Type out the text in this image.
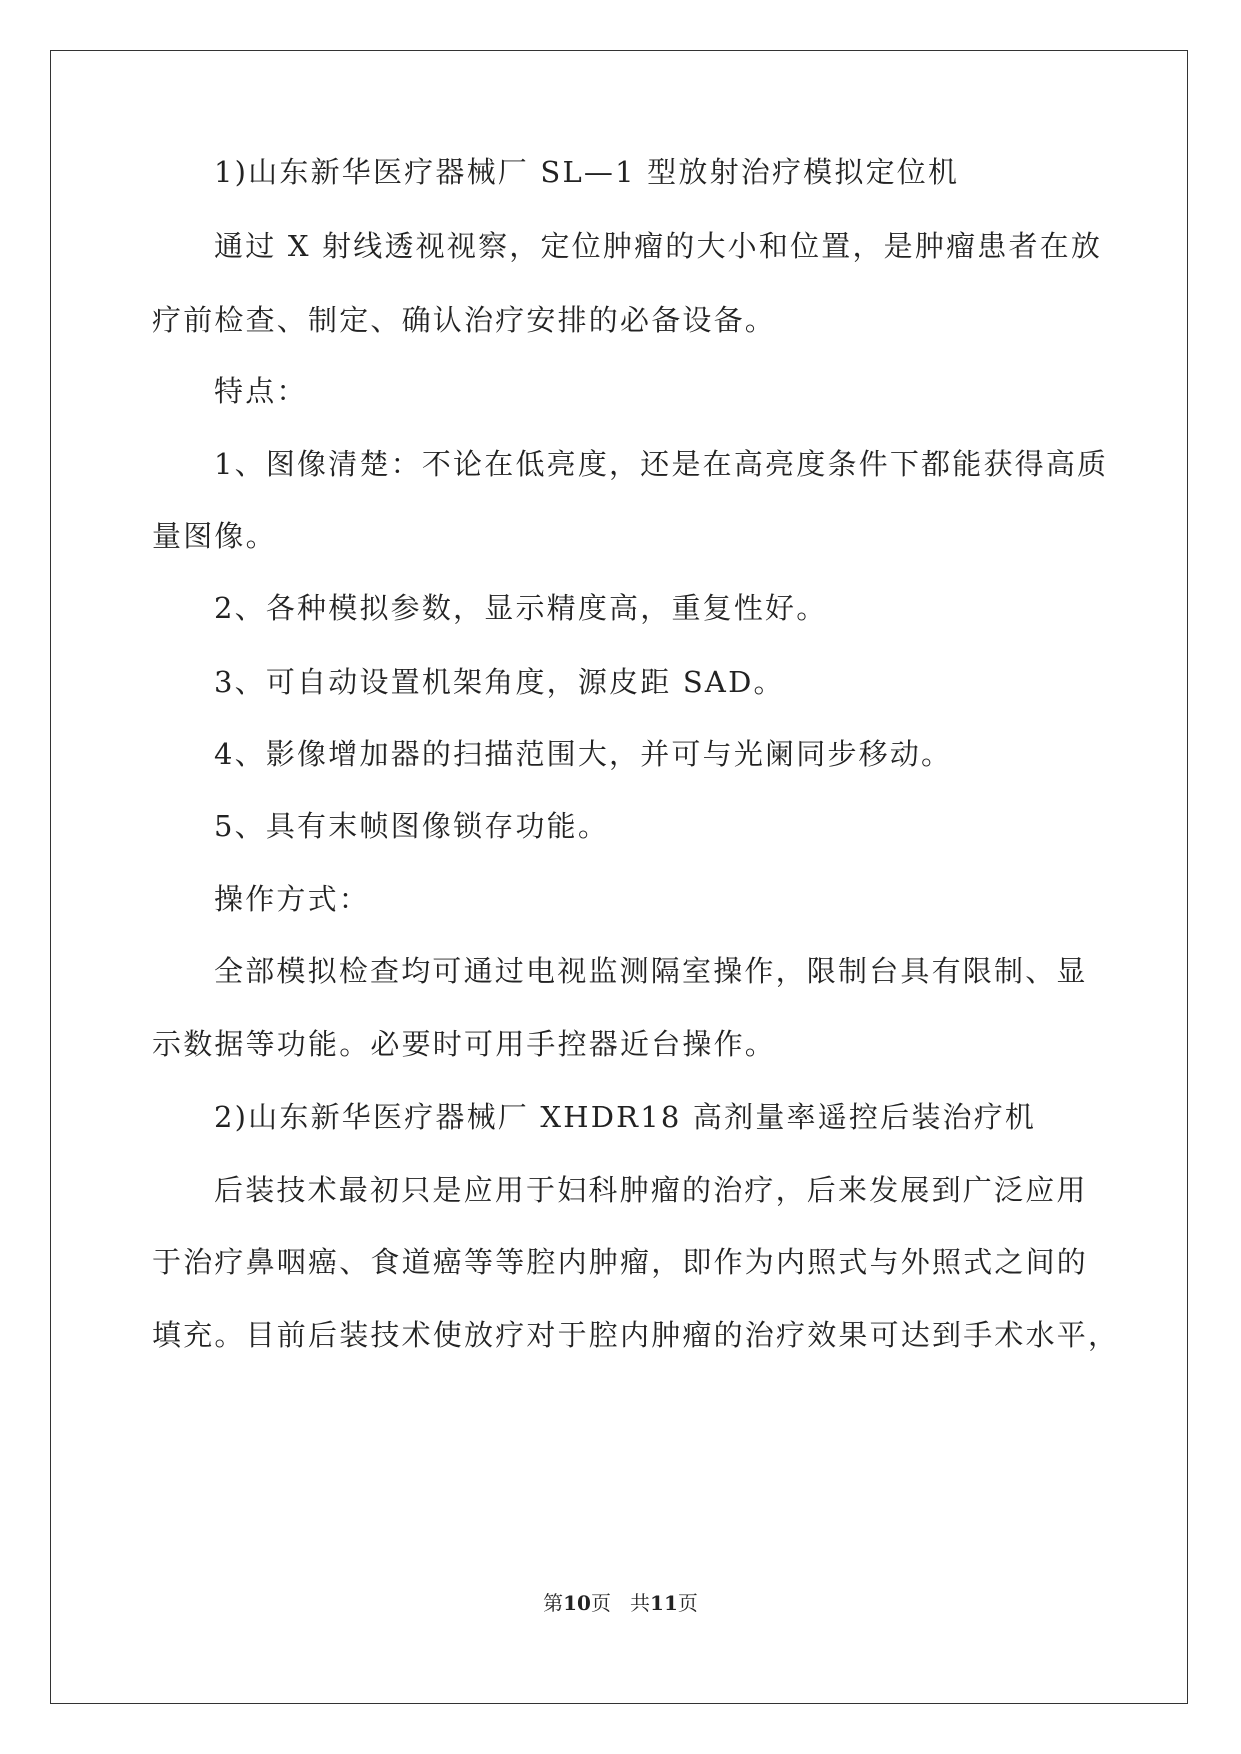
1)山东新华医疗器械厂 SL—1 型放射治疗模拟定位机
通过 X 射线透视视察，定位肿瘤的大小和位置，是肿瘤患者在放
疗前检查、制定、确认治疗安排的必备设备。
特点：
1、图像清楚：不论在低亮度，还是在高亮度条件下都能获得高质
量图像。
2、各种模拟参数，显示精度高，重复性好。
3、可自动设置机架角度，源皮距 SAD。
4、影像增加器的扫描范围大，并可与光阑同步移动。
5、具有末帧图像锁存功能。
操作方式：
全部模拟检查均可通过电视监测隔室操作，限制台具有限制、显
示数据等功能。必要时可用手控器近台操作。
2)山东新华医疗器械厂 XHDR18 高剂量率遥控后装治疗机
后装技术最初只是应用于妇科肿瘤的治疗，后来发展到广泛应用
于治疗鼻咽癌、食道癌等等腔内肿瘤，即作为内照式与外照式之间的
填充。目前后装技术使放疗对于腔内肿瘤的治疗效果可达到手术水平，
第10页   共11页
